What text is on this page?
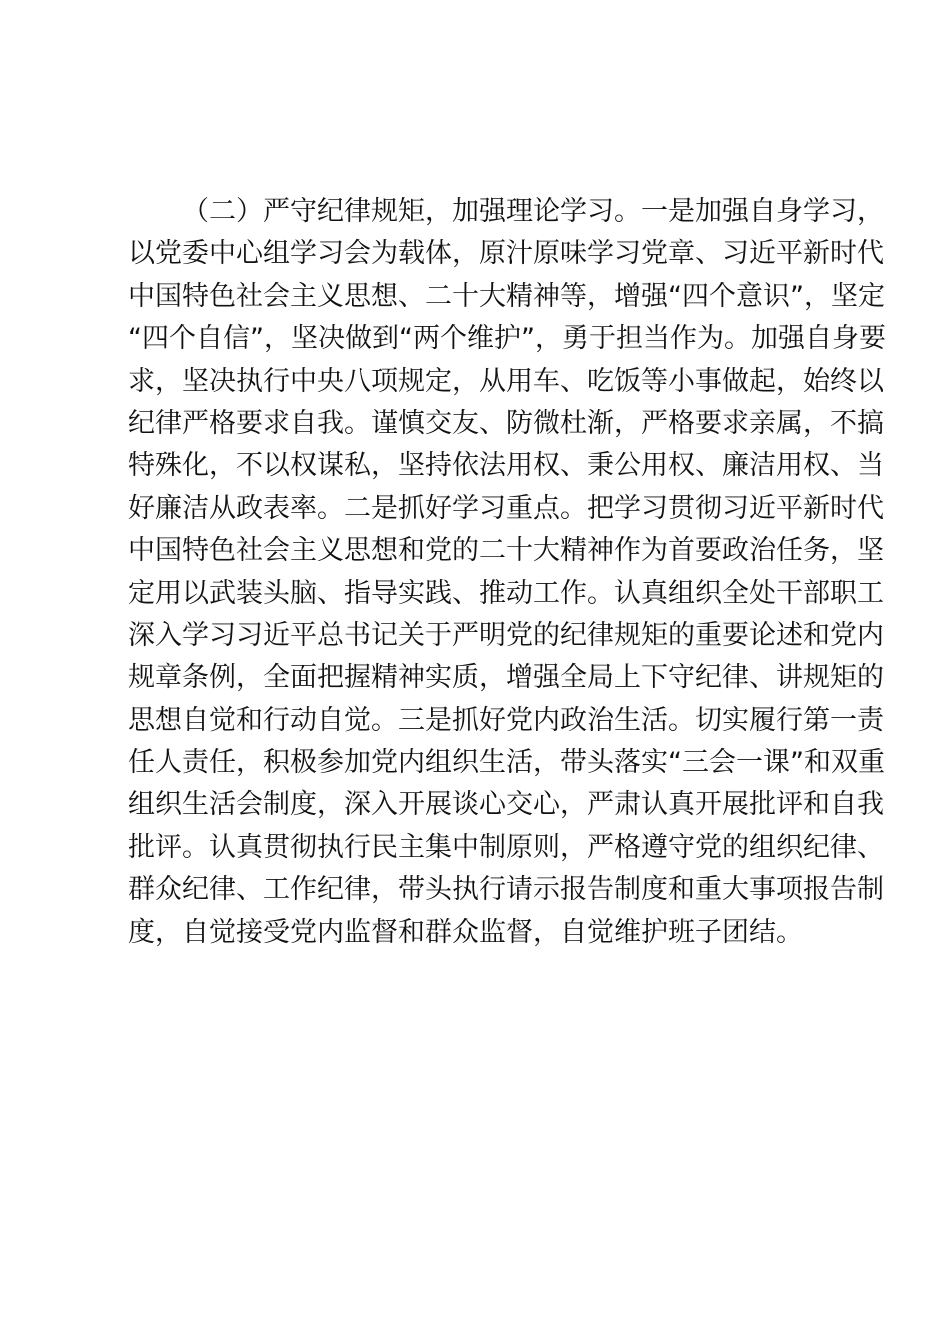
（二）严守纪律规矩，加强理论学习。一是加强自身学习，
以党委中心组学习会为载体，原汁原味学习党章、习近平新时代
中国特色社会主义思想、二十大精神等，增强“四个意识”，坚定
“四个自信”，坚决做到“两个维护”，勇于担当作为。加强自身要
求，坚决执行中央八项规定，从用车、吃饭等小事做起，始终以
纪律严格要求自我。谨慎交友、防微杜渐，严格要求亲属，不搞
特殊化，不以权谋私，坚持依法用权、秉公用权、廉洁用权、当
好廉洁从政表率。二是抓好学习重点。把学习贯彻习近平新时代
中国特色社会主义思想和党的二十大精神作为首要政治任务，坚
定用以武装头脑、指导实践、推动工作。认真组织全处干部职工
深入学习习近平总书记关于严明党的纪律规矩的重要论述和党内
规章条例，全面把握精神实质，增强全局上下守纪律、讲规矩的
思想自觉和行动自觉。三是抓好党内政治生活。切实履行第一责
任人责任，积极参加党内组织生活，带头落实“三会一课”和双重
组织生活会制度，深入开展谈心交心，严肃认真开展批评和自我
批评。认真贯彻执行民主集中制原则，严格遵守党的组织纪律、
群众纪律、工作纪律，带头执行请示报告制度和重大事项报告制
度，自觉接受党内监督和群众监督，自觉维护班子团结。
